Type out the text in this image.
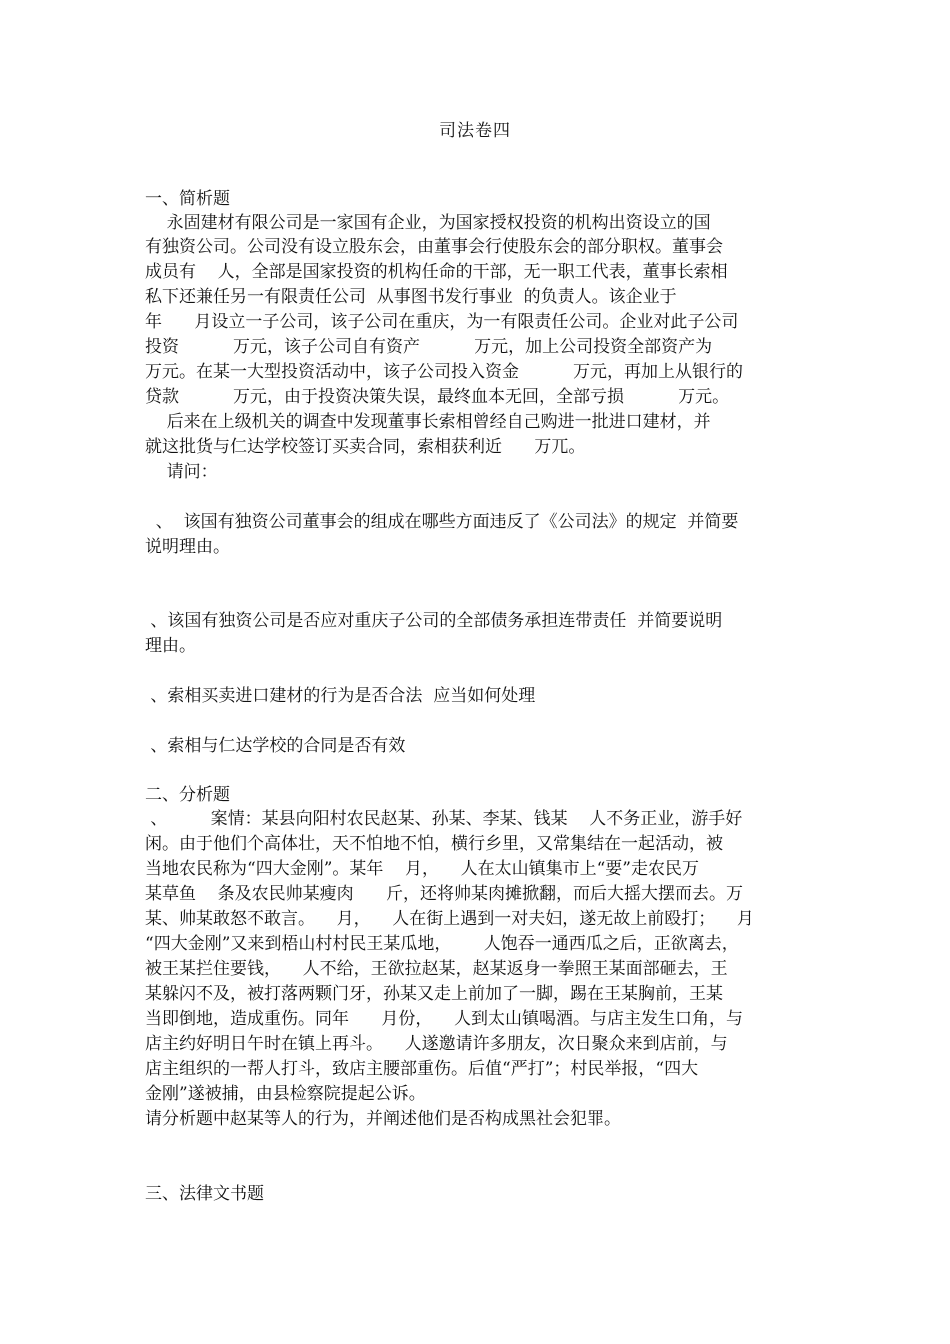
司法卷四
一、简析题
永固建材有限公司是一家国有企业，为国家授权投资的机构出资设立的国
有独资公司。公司没有设立股东会，由董事会行使股东会的部分职权。董事会
成员有    人，全部是国家投资的机构任命的干部，无一职工代表，董事长索相
私下还兼任另一有限责任公司  从事图书发行事业  的负责人。该企业于
年      月设立一子公司，该子公司在重庆，为一有限责任公司。企业对此子公司
投资          万元，该子公司自有资产          万元，加上公司投资全部资产为
万元。在某一大型投资活动中，该子公司投入资金          万元，再加上从银行的
贷款          万元，由于投资决策失误，最终血本无回，全部亏损          万元。
后来在上级机关的调查中发现董事长索相曾经自己购进一批进口建材，并
就这批货与仁达学校签订买卖合同，索相获利近      万兀。
请问：
、  该国有独资公司董事会的组成在哪些方面违反了《公司法》的规定  并简要
说明理由。
、该国有独资公司是否应对重庆子公司的全部债务承担连带责任  并简要说明
理由。
、索相买卖进口建材的行为是否合法  应当如何处理
、索相与仁达学校的合同是否有效
二、分析题
、        案情：某县向阳村农民赵某、孙某、李某、钱某    人不务正业，游手好
闲。由于他们个高体壮，天不怕地不怕，横行乡里，又常集结在一起活动，被
当地农民称为“四大金刚”。某年    月，    人在太山镇集市上“要”走农民万
某草鱼    条及农民帅某瘦肉      斤，还将帅某肉摊掀翻，而后大摇大摆而去。万
某、帅某敢怒不敢言。    月，    人在街上遇到一对夫妇，遂无故上前殴打；    月
“四大金刚”又来到梧山村村民王某瓜地，      人饱吞一通西瓜之后，正欲离去，
被王某拦住要钱，    人不给，王欲拉赵某，赵某返身一拳照王某面部砸去，王
某躲闪不及，被打落两颗门牙，孙某又走上前加了一脚，踢在王某胸前，王某
当即倒地，造成重伤。同年      月份，    人到太山镇喝酒。与店主发生口角，与
店主约好明日午时在镇上再斗。    人遂邀请许多朋友，次日聚众来到店前，与
店主组织的一帮人打斗，致店主腰部重伤。后值“严打”；村民举报，“四大
金刚”遂被捕，由县检察院提起公诉。
请分析题中赵某等人的行为，并阐述他们是否构成黑社会犯罪。
三、法律文书题
